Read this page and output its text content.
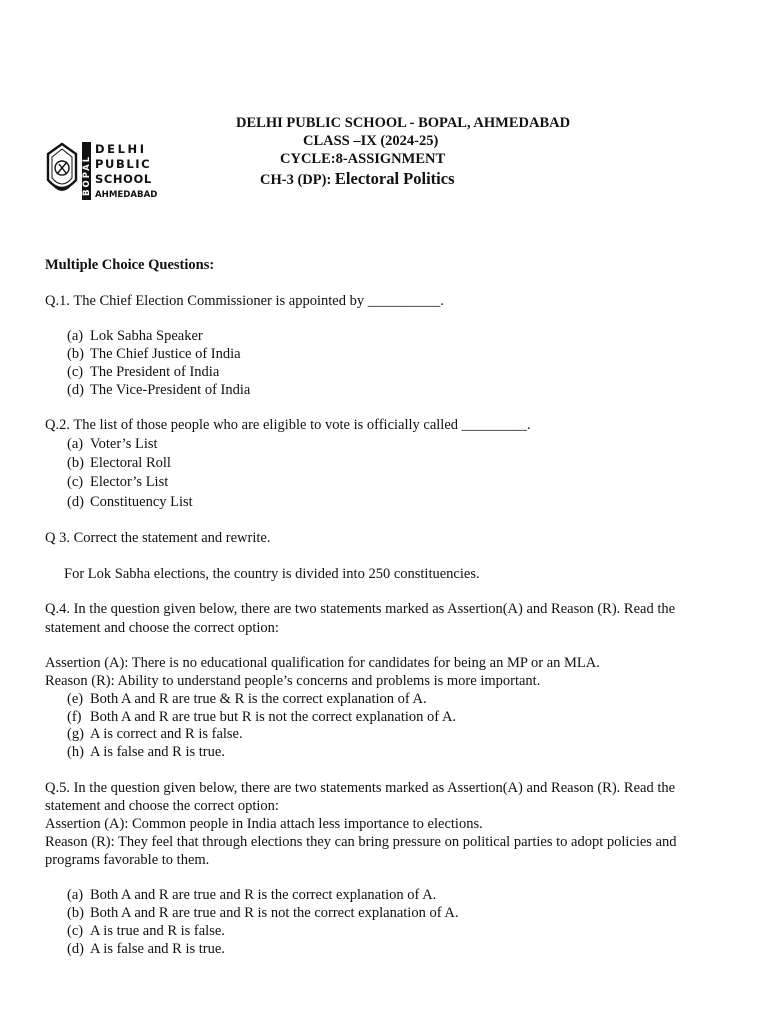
BOPAL
DELHI
PUBLIC
SCHOOL
AHMEDABAD
DELHI PUBLIC SCHOOL - BOPAL, AHMEDABAD
CLASS –IX (2024-25)
CYCLE:8-ASSIGNMENT
CH-3 (DP): Electoral Politics
Multiple Choice Questions:
Q.1. The Chief Election Commissioner is appointed by __________.
(a) Lok Sabha Speaker
(b) The Chief Justice of India
(c) The President of India
(d) The Vice-President of India
Q.2. The list of those people who are eligible to vote is officially called _________.
(a) Voter’s List
(b) Electoral Roll
(c) Elector’s List
(d) Constituency List
Q 3. Correct the statement and rewrite.
For Lok Sabha elections, the country is divided into 250 constituencies.
Q.4. In the question given below, there are two statements marked as Assertion(A) and Reason (R). Read the
statement and choose the correct option:
Assertion (A): There is no educational qualification for candidates for being an MP or an MLA.
Reason (R): Ability to understand people’s concerns and problems is more important.
(e) Both A and R are true & R is the correct explanation of A.
(f) Both A and R are true but R is not the correct explanation of A.
(g) A is correct and R is false.
(h) A is false and R is true.
Q.5. In the question given below, there are two statements marked as Assertion(A) and Reason (R). Read the
statement and choose the correct option:
Assertion (A): Common people in India attach less importance to elections.
Reason (R): They feel that through elections they can bring pressure on political parties to adopt policies and
programs favorable to them.
(a) Both A and R are true and R is the correct explanation of A.
(b) Both A and R are true and R is not the correct explanation of A.
(c) A is true and R is false.
(d) A is false and R is true.
